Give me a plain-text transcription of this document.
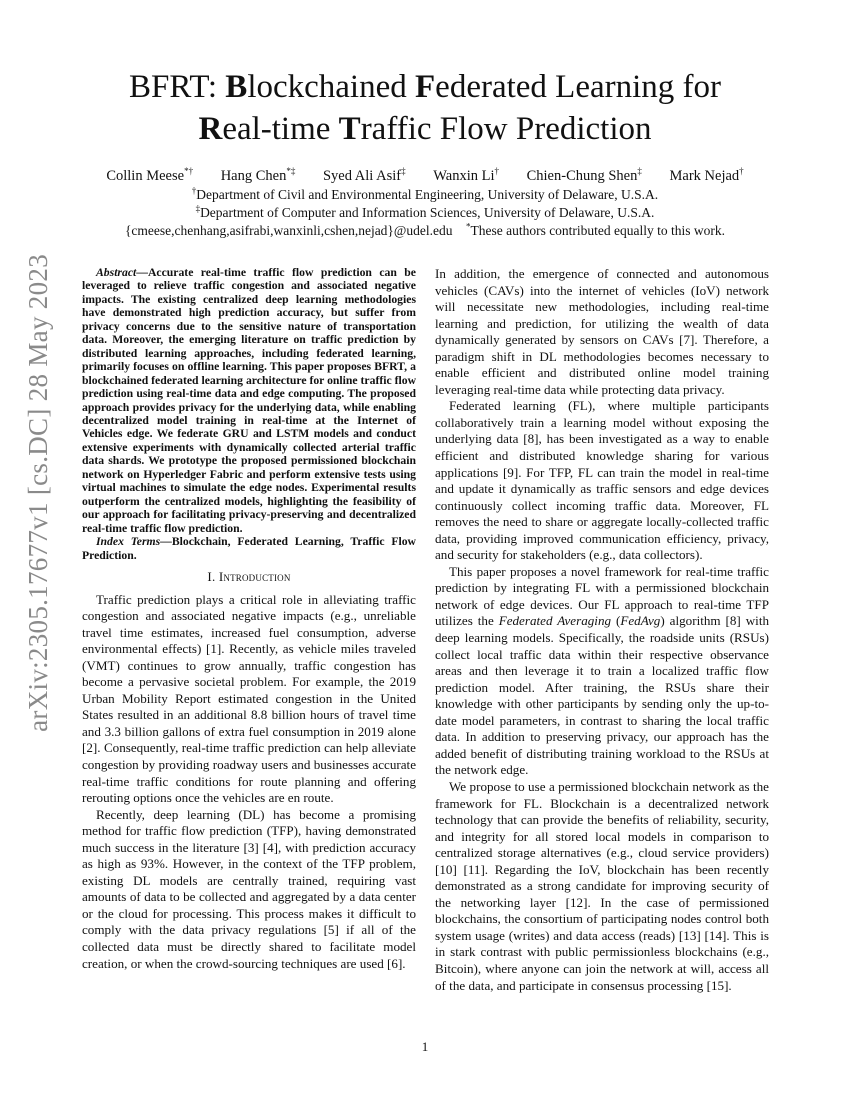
arXiv:2305.17677v1 [cs.DC] 28 May 2023
BFRT: Blockchained Federated Learning for
Real-time Traffic Flow Prediction
Collin Meese*† Hang Chen*‡ Syed Ali Asif‡ Wanxin Li† Chien-Chung Shen‡ Mark Nejad†
†Department of Civil and Environmental Engineering, University of Delaware, U.S.A.
‡Department of Computer and Information Sciences, University of Delaware, U.S.A.
{cmeese,chenhang,asifrabi,wanxinli,cshen,nejad}@udel.edu *These authors contributed equally to this work.

Abstract—Accurate real-time traffic flow prediction can be leveraged to relieve traffic congestion and associated negative impacts. The existing centralized deep learning methodologies have demonstrated high prediction accuracy, but suffer from privacy concerns due to the sensitive nature of transportation data. Moreover, the emerging literature on traffic prediction by distributed learning approaches, including federated learning, primarily focuses on offline learning. This paper proposes BFRT, a blockchained federated learning architecture for online traffic flow prediction using real-time data and edge computing. The proposed approach provides privacy for the underlying data, while enabling decentralized model training in real-time at the Internet of Vehicles edge. We federate GRU and LSTM models and conduct extensive experiments with dynamically collected arterial traffic data shards. We prototype the proposed permissioned blockchain network on Hyperledger Fabric and perform extensive tests using virtual machines to simulate the edge nodes. Experimental results outperform the centralized models, highlighting the feasibility of our approach for facilitating privacy-preserving and decentralized real-time traffic flow prediction.

Index Terms—Blockchain, Federated Learning, Traffic Flow Prediction.

I. Introduction

Traffic prediction plays a critical role in alleviating traffic congestion and associated negative impacts (e.g., unreliable travel time estimates, increased fuel consumption, adverse environmental effects) [1]. Recently, as vehicle miles traveled (VMT) continues to grow annually, traffic congestion has become a pervasive societal problem. For example, the 2019 Urban Mobility Report estimated congestion in the United States resulted in an additional 8.8 billion hours of travel time and 3.3 billion gallons of extra fuel consumption in 2019 alone [2]. Consequently, real-time traffic prediction can help alleviate congestion by providing roadway users and businesses accurate real-time traffic conditions for route planning and offering rerouting options once the vehicles are en route.

Recently, deep learning (DL) has become a promising method for traffic flow prediction (TFP), having demonstrated much success in the literature [3] [4], with prediction accuracy as high as 93%. However, in the context of the TFP problem, existing DL models are centrally trained, requiring vast amounts of data to be collected and aggregated by a data center or the cloud for processing. This process makes it difficult to comply with the data privacy regulations [5] if all of the collected data must be directly shared to facilitate model creation, or when the crowd-sourcing techniques are used [6].

In addition, the emergence of connected and autonomous vehicles (CAVs) into the internet of vehicles (IoV) network will necessitate new methodologies, including real-time learning and prediction, for utilizing the wealth of data dynamically generated by sensors on CAVs [7]. Therefore, a paradigm shift in DL methodologies becomes necessary to enable efficient and distributed online model training leveraging real-time data while protecting data privacy.

Federated learning (FL), where multiple participants collaboratively train a learning model without exposing the underlying data [8], has been investigated as a way to enable efficient and distributed knowledge sharing for various applications [9]. For TFP, FL can train the model in real-time and update it dynamically as traffic sensors and edge devices continuously collect incoming traffic data. Moreover, FL removes the need to share or aggregate locally-collected traffic data, providing improved communication efficiency, privacy, and security for stakeholders (e.g., data collectors).

This paper proposes a novel framework for real-time traffic prediction by integrating FL with a permissioned blockchain network of edge devices. Our FL approach to real-time TFP utilizes the Federated Averaging (FedAvg) algorithm [8] with deep learning models. Specifically, the roadside units (RSUs) collect local traffic data within their respective observance areas and then leverage it to train a localized traffic flow prediction model. After training, the RSUs share their knowledge with other participants by sending only the up-to-date model parameters, in contrast to sharing the local traffic data. In addition to preserving privacy, our approach has the added benefit of distributing training workload to the RSUs at the network edge.

We propose to use a permissioned blockchain network as the framework for FL. Blockchain is a decentralized network technology that can provide the benefits of reliability, security, and integrity for all stored local models in comparison to centralized storage alternatives (e.g., cloud service providers) [10] [11]. Regarding the IoV, blockchain has been recently demonstrated as a strong candidate for improving security of the networking layer [12]. In the case of permissioned blockchains, the consortium of participating nodes control both system usage (writes) and data access (reads) [13] [14]. This is in stark contrast with public permissionless blockchains (e.g., Bitcoin), where anyone can join the network at will, access all of the data, and participate in consensus processing [15].

1
